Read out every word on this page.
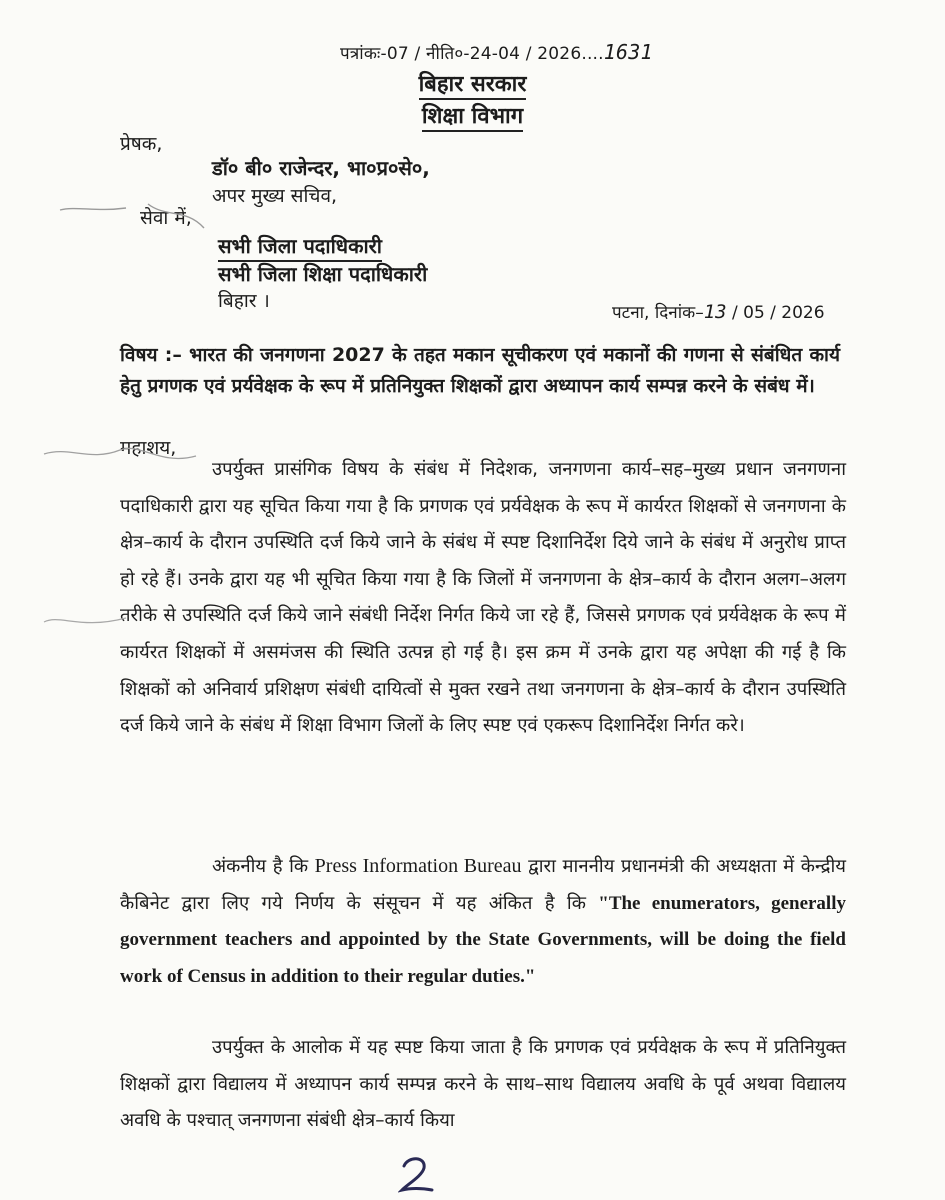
पत्रांकः-07 / नीति०-24-04 / 2026....1631
बिहार सरकार
शिक्षा विभाग
प्रेषक,
डॉ० बी० राजेन्दर, भा०प्र०से०,
अपर मुख्य सचिव,
सेवा में,
सभी जिला पदाधिकारी
सभी जिला शिक्षा पदाधिकारी
बिहार ।
पटना, दिनांक–13 / 05 / 2026
विषय :– भारत की जनगणना 2027 के तहत मकान सूचीकरण एवं मकानों की गणना से संबंधित कार्य हेतु प्रगणक एवं प्रर्यवेक्षक के रूप में प्रतिनियुक्त शिक्षकों द्वारा अध्यापन कार्य सम्पन्न करने के संबंध में।
महाशय,

उपर्युक्त प्रासंगिक विषय के संबंध में निदेशक, जनगणना कार्य–सह–मुख्य प्रधान जनगणना पदाधिकारी द्वारा यह सूचित किया गया है कि प्रगणक एवं प्रर्यवेक्षक के रूप में कार्यरत शिक्षकों से जनगणना के क्षेत्र–कार्य के दौरान उपस्थिति दर्ज किये जाने के संबंध में स्पष्ट दिशानिर्देश दिये जाने के संबंध में अनुरोध प्राप्त हो रहे हैं। उनके द्वारा यह भी सूचित किया गया है कि जिलों में जनगणना के क्षेत्र–कार्य के दौरान अलग–अलग तरीके से उपस्थिति दर्ज किये जाने संबंधी निर्देश निर्गत किये जा रहे हैं, जिससे प्रगणक एवं प्रर्यवेक्षक के रूप में कार्यरत शिक्षकों में असमंजस की स्थिति उत्पन्न हो गई है। इस क्रम में उनके द्वारा यह अपेक्षा की गई है कि शिक्षकों को अनिवार्य प्रशिक्षण संबंधी दायित्वों से मुक्त रखने तथा जनगणना के क्षेत्र–कार्य के दौरान उपस्थिति दर्ज किये जाने के संबंध में शिक्षा विभाग जिलों के लिए स्पष्ट एवं एकरूप दिशानिर्देश निर्गत करे।

अंकनीय है कि Press Information Bureau द्वारा माननीय प्रधानमंत्री की अध्यक्षता में केन्द्रीय कैबिनेट द्वारा लिए गये निर्णय के संसूचन में यह अंकित है कि "The enumerators, generally government teachers and appointed by the State Governments, will be doing the field work of Census in addition to their regular duties."

उपर्युक्त के आलोक में यह स्पष्ट किया जाता है कि प्रगणक एवं प्रर्यवेक्षक के रूप में प्रतिनियुक्त शिक्षकों द्वारा विद्यालय में अध्यापन कार्य सम्पन्न करने के साथ–साथ विद्यालय अवधि के पूर्व अथवा विद्यालय अवधि के पश्चात् जनगणना संबंधी क्षेत्र–कार्य किया
